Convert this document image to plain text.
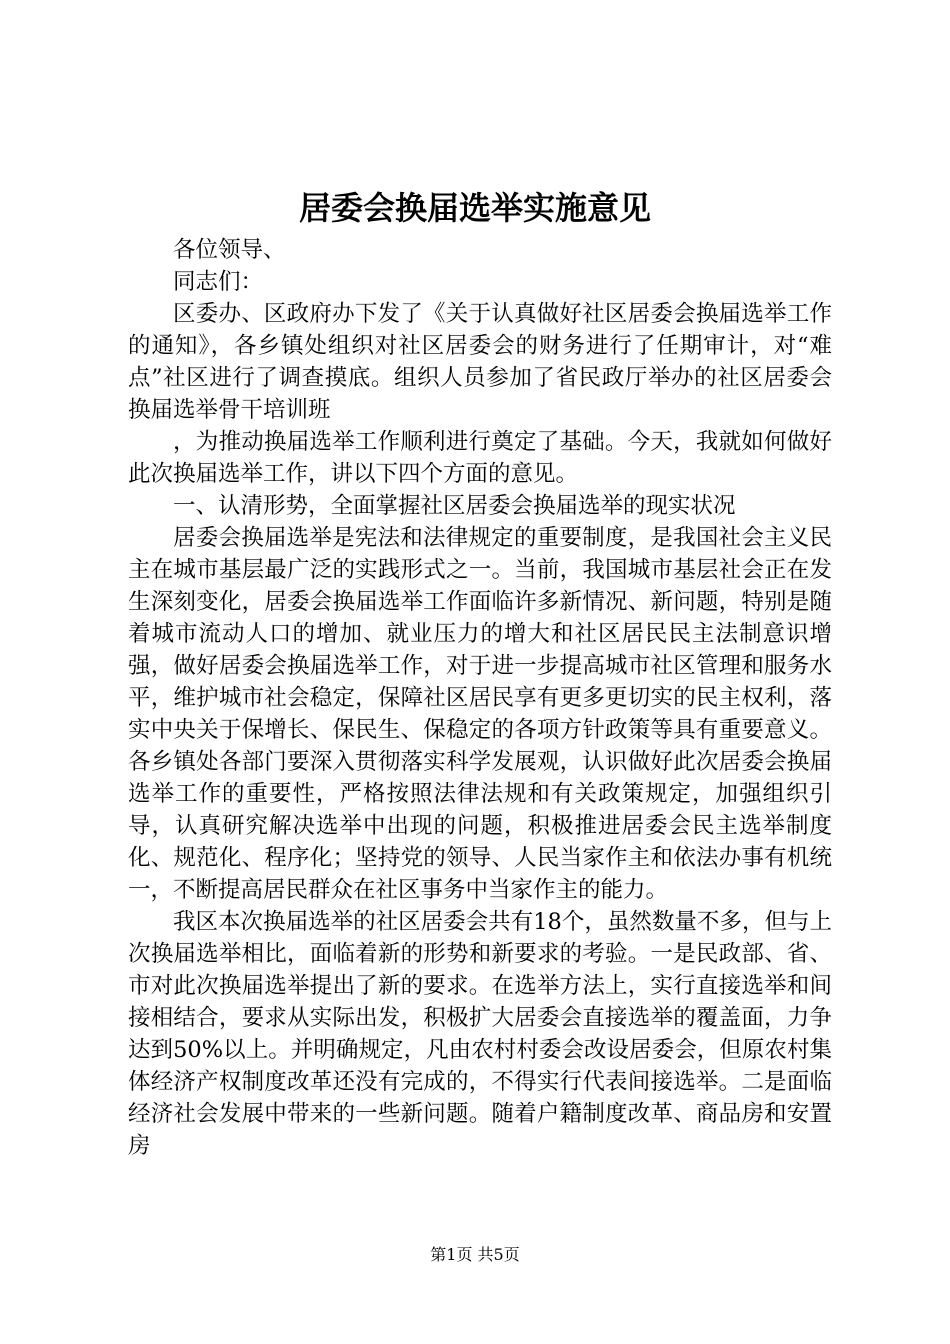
居委会换届选举实施意见

各位领导、

同志们：

区委办、区政府办下发了《关于认真做好社区居委会换届选举工作的通知》，各乡镇处组织对社区居委会的财务进行了任期审计，对“难点”社区进行了调查摸底。组织人员参加了省民政厅举办的社区居委会换届选举骨干培训班

，为推动换届选举工作顺利进行奠定了基础。今天，我就如何做好此次换届选举工作，讲以下四个方面的意见。

一、认清形势，全面掌握社区居委会换届选举的现实状况

居委会换届选举是宪法和法律规定的重要制度，是我国社会主义民主在城市基层最广泛的实践形式之一。当前，我国城市基层社会正在发生深刻变化，居委会换届选举工作面临许多新情况、新问题，特别是随着城市流动人口的增加、就业压力的增大和社区居民民主法制意识增强，做好居委会换届选举工作，对于进一步提高城市社区管理和服务水平，维护城市社会稳定，保障社区居民享有更多更切实的民主权利，落实中央关于保增长、保民生、保稳定的各项方针政策等具有重要意义。各乡镇处各部门要深入贯彻落实科学发展观，认识做好此次居委会换届选举工作的重要性，严格按照法律法规和有关政策规定，加强组织引导，认真研究解决选举中出现的问题，积极推进居委会民主选举制度化、规范化、程序化；坚持党的领导、人民当家作主和依法办事有机统一，不断提高居民群众在社区事务中当家作主的能力。

我区本次换届选举的社区居委会共有18个，虽然数量不多，但与上次换届选举相比，面临着新的形势和新要求的考验。一是民政部、省、市对此次换届选举提出了新的要求。在选举方法上，实行直接选举和间接相结合，要求从实际出发，积极扩大居委会直接选举的覆盖面，力争达到50%以上。并明确规定，凡由农村村委会改设居委会，但原农村集体经济产权制度改革还没有完成的，不得实行代表间接选举。二是面临经济社会发展中带来的一些新问题。随着户籍制度改革、商品房和安置房

第1页 共5页
